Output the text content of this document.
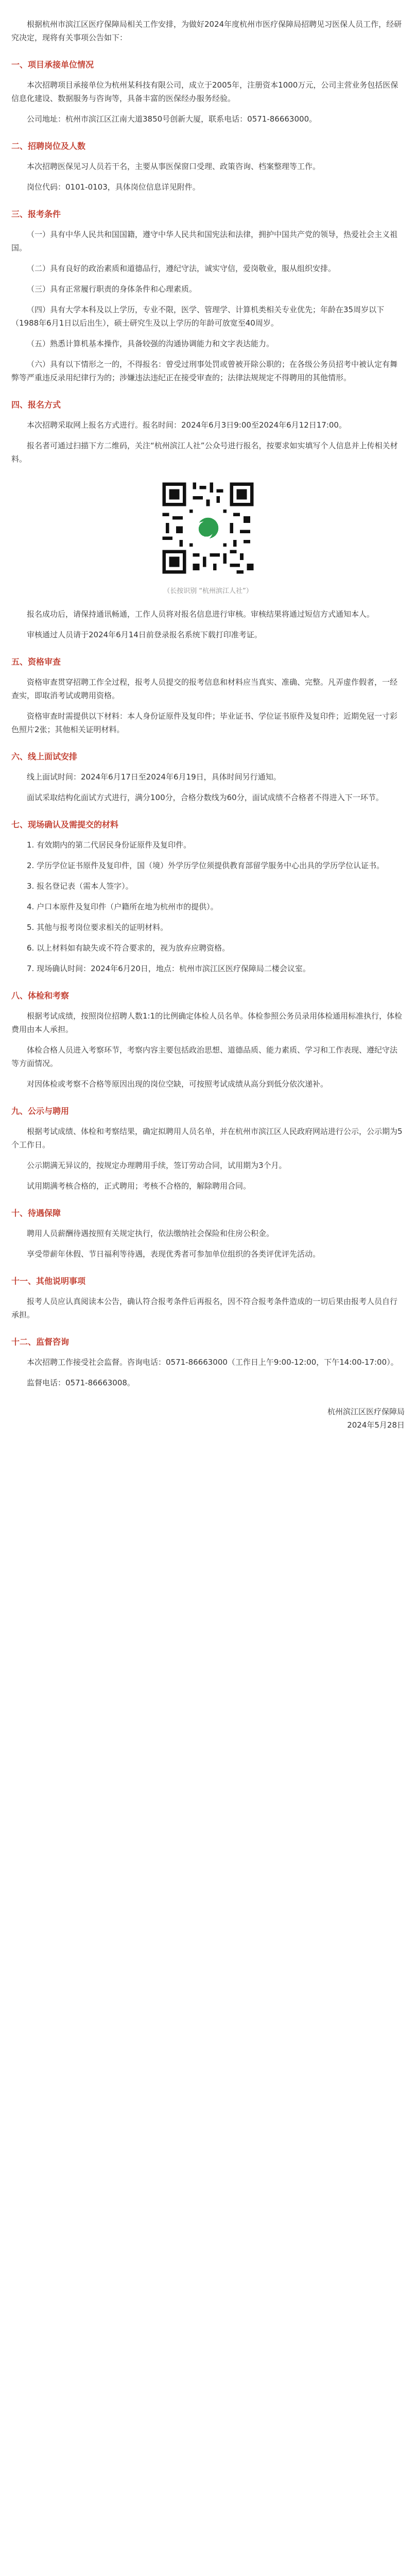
根据杭州市滨江区医疗保障局相关工作安排，为做好2024年度杭州市医疗保障局招聘见习医保人员工作，经研究决定，现将有关事项公告如下：

一、项目承接单位情况

本次招聘项目承接单位为杭州某科技有限公司，成立于2005年，注册资本1000万元，公司主营业务包括医保信息化建设、数据服务与咨询等，具备丰富的医保经办服务经验。

公司地址：杭州市滨江区江南大道3850号创新大厦，联系电话：0571-86663000。

二、招聘岗位及人数

本次招聘医保见习人员若干名，主要从事医保窗口受理、政策咨询、档案整理等工作。

岗位代码：0101-0103，具体岗位信息详见附件。

三、报考条件

（一）具有中华人民共和国国籍，遵守中华人民共和国宪法和法律，拥护中国共产党的领导，热爱社会主义祖国。

（二）具有良好的政治素质和道德品行，遵纪守法，诚实守信，爱岗敬业，服从组织安排。

（三）具有正常履行职责的身体条件和心理素质。

（四）具有大学本科及以上学历，专业不限，医学、管理学、计算机类相关专业优先；年龄在35周岁以下（1988年6月1日以后出生），硕士研究生及以上学历的年龄可放宽至40周岁。

（五）熟悉计算机基本操作，具备较强的沟通协调能力和文字表达能力。

（六）具有以下情形之一的，不得报名：曾受过刑事处罚或曾被开除公职的；在各级公务员招考中被认定有舞弊等严重违反录用纪律行为的；涉嫌违法违纪正在接受审查的；法律法规规定不得聘用的其他情形。

四、报名方式

本次招聘采取网上报名方式进行。报名时间：2024年6月3日9:00至2024年6月12日17:00。

报名者可通过扫描下方二维码，关注“杭州滨江人社”公众号进行报名，按要求如实填写个人信息并上传相关材料。

（长按识别 “杭州滨江人社”）

报名成功后，请保持通讯畅通，工作人员将对报名信息进行审核。审核结果将通过短信方式通知本人。

审核通过人员请于2024年6月14日前登录报名系统下载打印准考证。

五、资格审查

资格审查贯穿招聘工作全过程，报考人员提交的报考信息和材料应当真实、准确、完整。凡弄虚作假者，一经查实，即取消考试或聘用资格。

资格审查时需提供以下材料：本人身份证原件及复印件；毕业证书、学位证书原件及复印件；近期免冠一寸彩色照片2张；其他相关证明材料。

六、线上面试安排

线上面试时间：2024年6月17日至2024年6月19日，具体时间另行通知。

面试采取结构化面试方式进行，满分100分，合格分数线为60分，面试成绩不合格者不得进入下一环节。

七、现场确认及需提交的材料

1. 有效期内的第二代居民身份证原件及复印件。

2. 学历学位证书原件及复印件，国（境）外学历学位须提供教育部留学服务中心出具的学历学位认证书。

3. 报名登记表（需本人签字）。

4. 户口本原件及复印件（户籍所在地为杭州市的提供）。

5. 其他与报考岗位要求相关的证明材料。

6. 以上材料如有缺失或不符合要求的，视为放弃应聘资格。

7. 现场确认时间：2024年6月20日，地点：杭州市滨江区医疗保障局二楼会议室。

八、体检和考察

根据考试成绩，按照岗位招聘人数1:1的比例确定体检人员名单。体检参照公务员录用体检通用标准执行，体检费用由本人承担。

体检合格人员进入考察环节，考察内容主要包括政治思想、道德品质、能力素质、学习和工作表现、遵纪守法等方面情况。

对因体检或考察不合格等原因出现的岗位空缺，可按照考试成绩从高分到低分依次递补。

九、公示与聘用

根据考试成绩、体检和考察结果，确定拟聘用人员名单，并在杭州市滨江区人民政府网站进行公示，公示期为5个工作日。

公示期满无异议的，按规定办理聘用手续，签订劳动合同，试用期为3个月。

试用期满考核合格的，正式聘用；考核不合格的，解除聘用合同。

十、待遇保障

聘用人员薪酬待遇按照有关规定执行，依法缴纳社会保险和住房公积金。

享受带薪年休假、节日福利等待遇，表现优秀者可参加单位组织的各类评优评先活动。

十一、其他说明事项

报考人员应认真阅读本公告，确认符合报考条件后再报名，因不符合报考条件造成的一切后果由报考人员自行承担。

十二、监督咨询

本次招聘工作接受社会监督。咨询电话：0571-86663000（工作日上午9:00-12:00，下午14:00-17:00）。

监督电话：0571-86663008。

杭州滨江区医疗保障局
2024年5月28日
